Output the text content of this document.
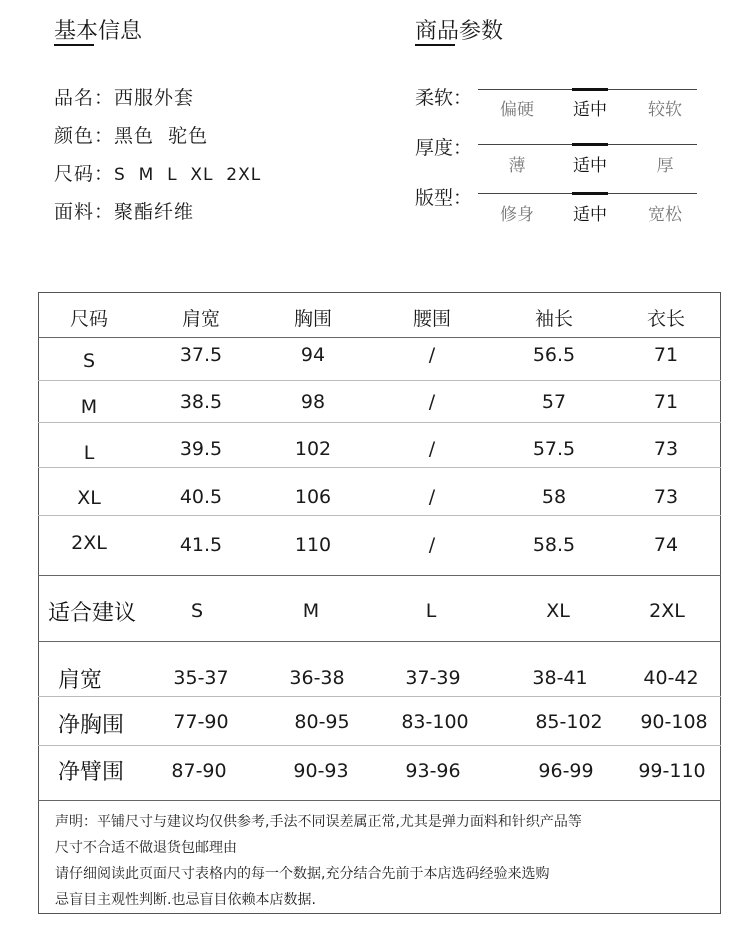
基本信息
品名：西服外套
颜色：黑色  驼色
尺码：S  M  L  XL  2XL
面料：聚酯纤维
商品参数
柔软：
偏硬	适中	较软
厚度：
薄	适中	厚
版型：
修身	适中	宽松
尺码	肩宽	胸围	腰围	袖长	衣长
S	37.5	94	/	56.5	71
M	38.5	98	/	57	71
L	39.5	102	/	57.5	73
XL	40.5	106	/	58	73
2XL	41.5	110	/	58.5	74
适合建议	S	M	L	XL	2XL
肩宽	35-37	36-38	37-39	38-41	40-42
净胸围	77-90	80-95	83-100	85-102	90-108
净臂围	87-90	90-93	93-96	96-99	99-110
声明：平铺尺寸与建议均仅供参考,手法不同误差属正常,尤其是弹力面料和针织产品等
尺寸不合适不做退货包邮理由
请仔细阅读此页面尺寸表格内的每一个数据,充分结合先前于本店选码经验来选购
忌盲目主观性判断.也忌盲目依赖本店数据.
